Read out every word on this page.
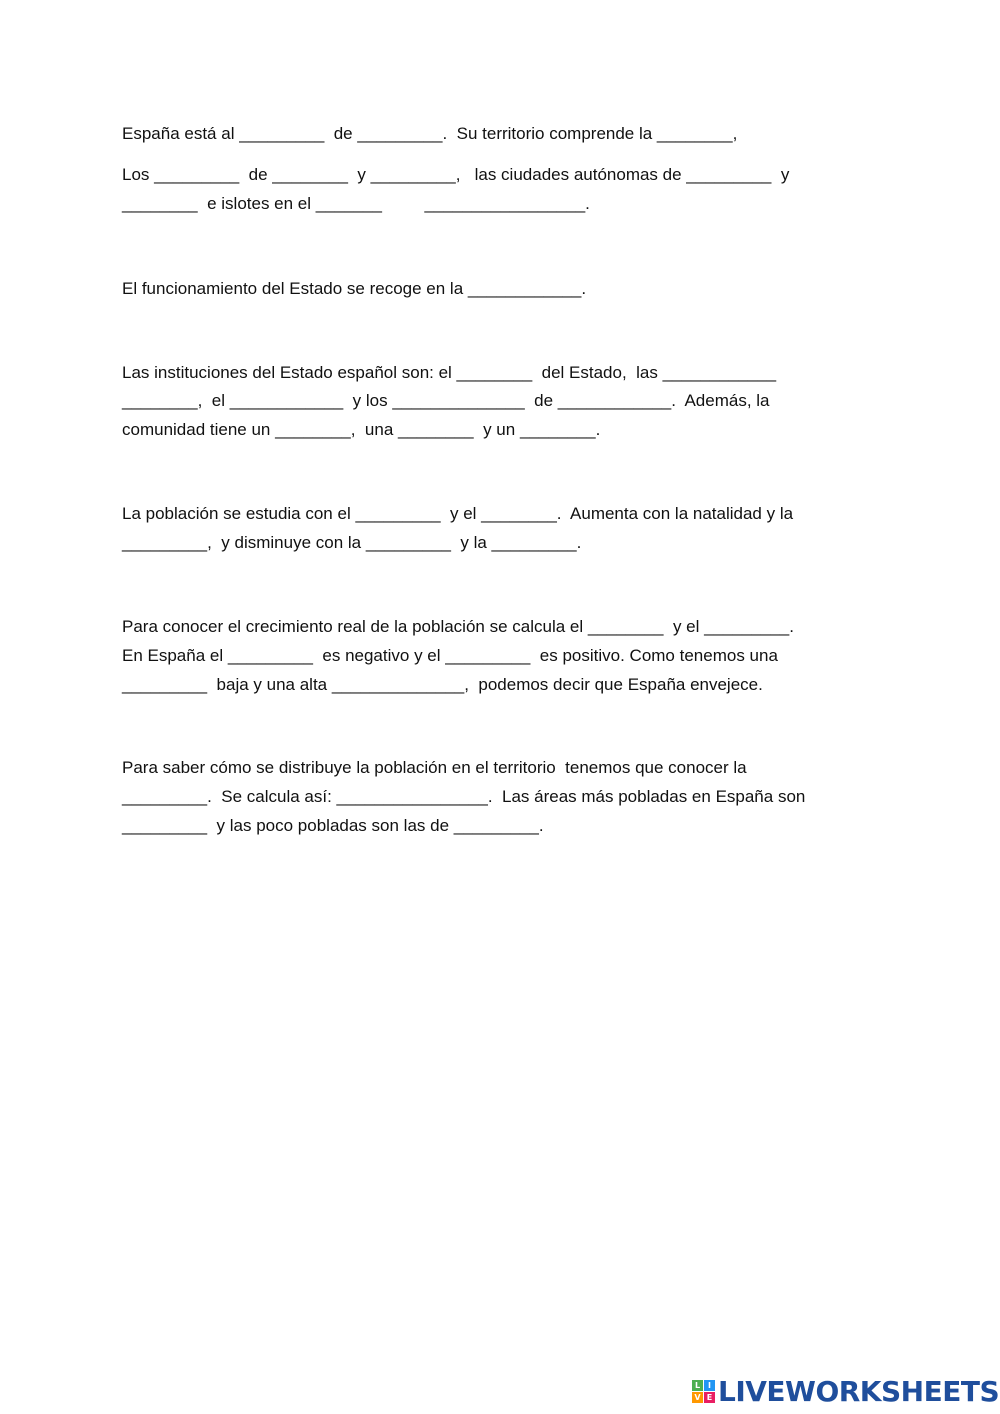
España está al _________  de _________.  Su territorio comprende la ________,
Los _________  de ________  y _________,   las ciudades autónomas de _________  y
________  e islotes en el _______         _________________.
El funcionamiento del Estado se recoge en la ____________.
Las instituciones del Estado español son: el ________  del Estado,  las ____________
________,  el ____________  y los ______________  de ____________.  Además, la
comunidad tiene un ________,  una ________  y un ________.
La población se estudia con el _________  y el ________.  Aumenta con la natalidad y la
_________,  y disminuye con la _________  y la _________.
Para conocer el crecimiento real de la población se calcula el ________  y el _________.
En España el _________  es negativo y el _________  es positivo. Como tenemos una
_________  baja y una alta ______________,  podemos decir que España envejece.
Para saber cómo se distribuye la población en el territorio  tenemos que conocer la
_________.  Se calcula así: ________________.  Las áreas más pobladas en España son
_________  y las poco pobladas son las de _________.
L I
V E LIVEWORKSHEETS
